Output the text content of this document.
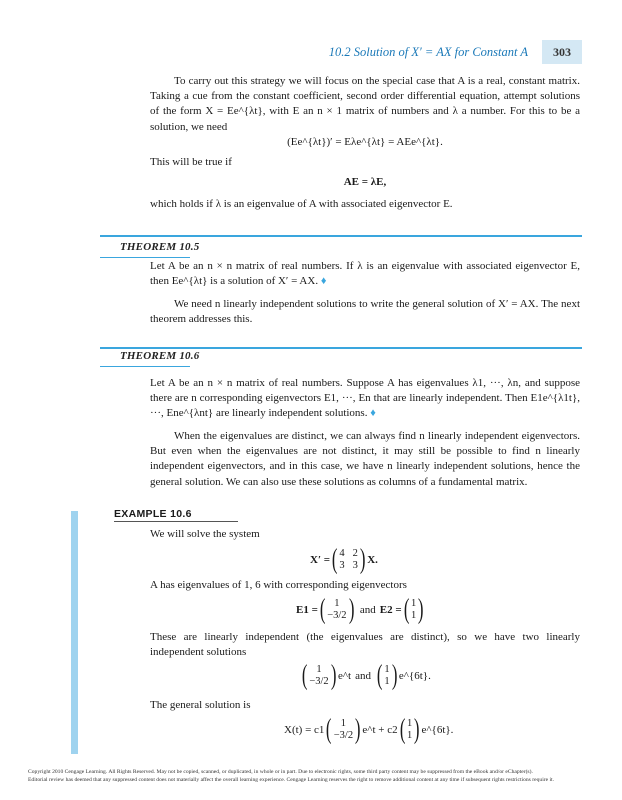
10.2 Solution of X′ = AX for Constant A	303
To carry out this strategy we will focus on the special case that A is a real, constant matrix. Taking a cue from the constant coefficient, second order differential equation, attempt solutions of the form X = Ee^{λt}, with E an n × 1 matrix of numbers and λ a number. For this to be a solution, we need
(Ee^{λt})′ = Eλe^{λt} = AEe^{λt}.
This will be true if
AE = λE,
which holds if λ is an eigenvalue of A with associated eigenvector E.
THEOREM 10.5
Let A be an n × n matrix of real numbers. If λ is an eigenvalue with associated eigenvector E, then Ee^{λt} is a solution of X′ = AX. ♦
We need n linearly independent solutions to write the general solution of X′ = AX. The next theorem addresses this.
THEOREM 10.6
Let A be an n × n matrix of real numbers. Suppose A has eigenvalues λ1, ···, λn, and suppose there are n corresponding eigenvectors E1, ···, En that are linearly independent. Then E1e^{λ1t}, ···, Ene^{λnt} are linearly independent solutions. ♦
When the eigenvalues are distinct, we can always find n linearly independent eigenvectors. But even when the eigenvalues are not distinct, it may still be possible to find n linearly independent eigenvectors, and in this case, we have n linearly independent solutions, hence the general solution. We can also use these solutions as columns of a fundamental matrix.
EXAMPLE 10.6
We will solve the system
X′ = ( 4 2
3 3 ) X.
A has eigenvalues of 1, 6 with corresponding eigenvectors
E1 = ( 1
−3/2 ) and E2 = ( 1
1 )
These are linearly independent (the eigenvalues are distinct), so we have two linearly independent solutions
( 1
−3/2 ) e^t and ( 1
1 ) e^{6t}.
The general solution is
X(t) = c1 ( 1
−3/2 ) e^t + c2 ( 1
1 ) e^{6t}.
Copyright 2010 Cengage Learning. All Rights Reserved. May not be copied, scanned, or duplicated, in whole or in part. Due to electronic rights, some third party content may be suppressed from the eBook and/or eChapter(s).
Editorial review has deemed that any suppressed content does not materially affect the overall learning experience. Cengage Learning reserves the right to remove additional content at any time if subsequent rights restrictions require it.
